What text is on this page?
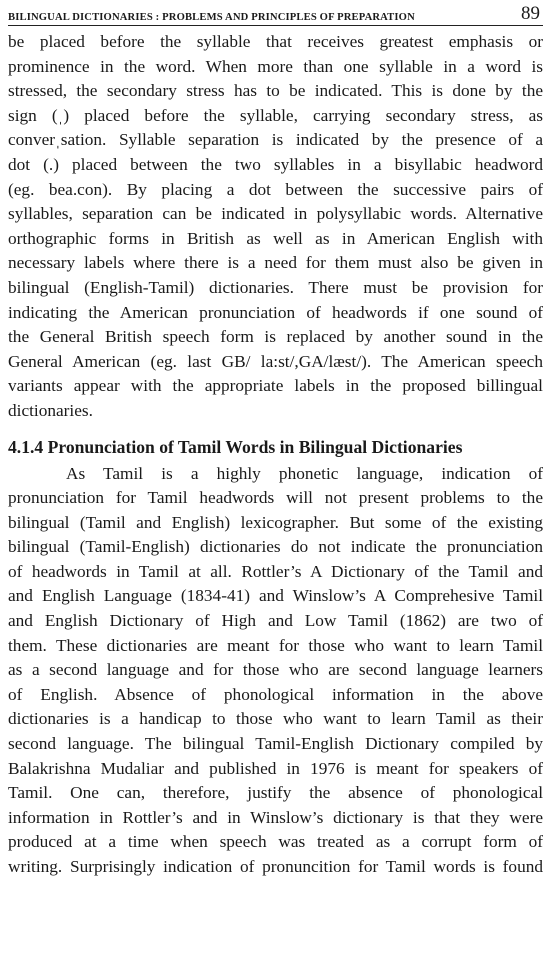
BILINGUAL DICTIONARIES : PROBLEMS AND PRINCIPLES OF PREPARATION	89

be placed before the syllable that receives greatest emphasis or

prominence in the word. When more than one syllable in a word is

stressed, the secondary stress has to be indicated. This is done by the

sign (ˌ) placed before the syllable, carrying secondary stress, as

converˌsation. Syllable separation is indicated by the presence of a

dot (.) placed between the two syllables in a bisyllabic headword

(eg. bea.con). By placing a dot between the successive pairs of

syllables, separation can be indicated in polysyllabic words. Alternative

orthographic forms in British as well as in American English with

necessary labels where there is a need for them must also be given in

bilingual (English-Tamil) dictionaries. There must be provision for

indicating the American pronunciation of headwords if one sound of

the General British speech form is replaced by another sound in the

General American (eg. last GB/ la:st/,GA/læst/). The American speech

variants appear with the appropriate labels in the proposed billingual

dictionaries.

4.1.4 Pronunciation of Tamil Words in Bilingual Dictionaries

As Tamil is a highly phonetic language, indication of

pronunciation for Tamil headwords will not present problems to the

bilingual (Tamil and English) lexicographer. But some of the existing

bilingual (Tamil-English) dictionaries do not indicate the pronunciation

of headwords in Tamil at all. Rottler’s A Dictionary of the Tamil and

and English Language (1834-41) and Winslow’s A Comprehesive Tamil

and English Dictionary of High and Low Tamil (1862) are two of

them. These dictionaries are meant for those who want to learn Tamil

as a second language and for those who are second language learners

of English. Absence of phonological information in the above

dictionaries is a handicap to those who want to learn Tamil as their

second language. The bilingual Tamil-English Dictionary compiled by

Balakrishna Mudaliar and published in 1976 is meant for speakers of

Tamil. One can, therefore, justify the absence of phonological

information in Rottler’s and in Winslow’s dictionary is that they were

produced at a time when speech was treated as a corrupt form of

writing. Surprisingly indication of pronuncition for Tamil words is found
